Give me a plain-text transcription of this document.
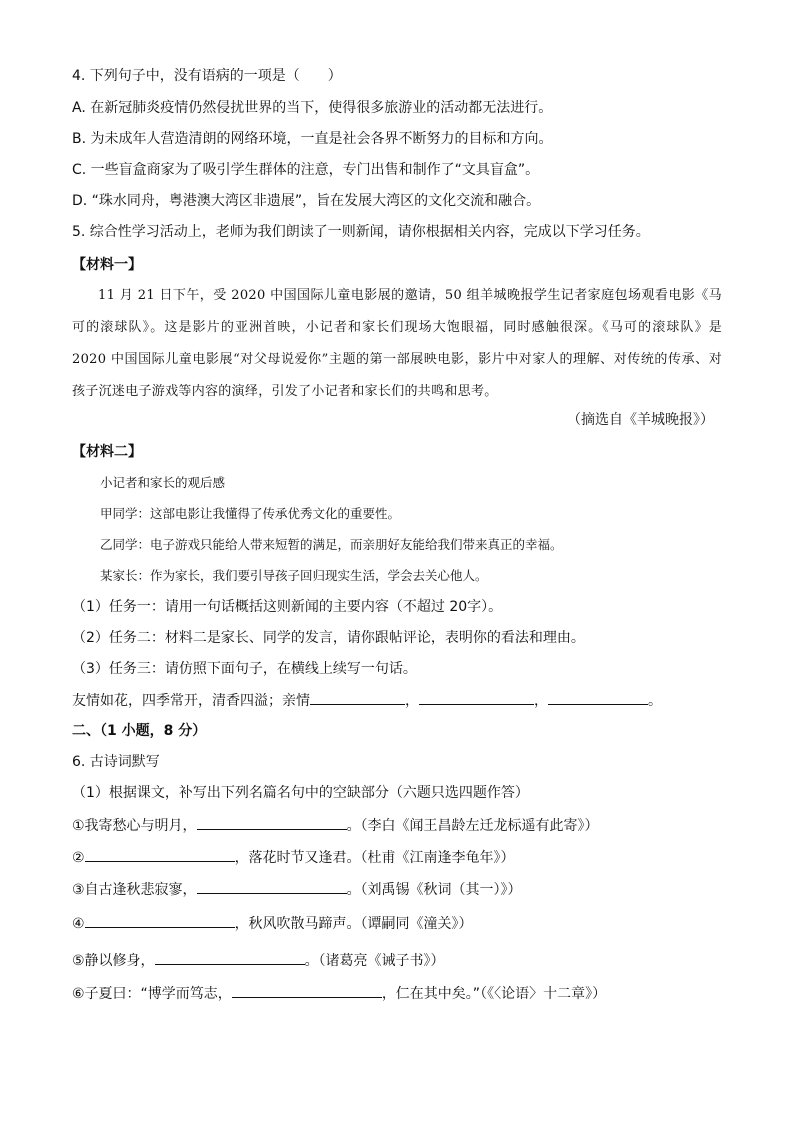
4. 下列句子中，没有语病的一项是（　　）
A. 在新冠肺炎疫情仍然侵扰世界的当下，使得很多旅游业的活动都无法进行。
B. 为未成年人营造清朗的网络环境，一直是社会各界不断努力的目标和方向。
C. 一些盲盒商家为了吸引学生群体的注意，专门出售和制作了“文具盲盒”。
D. “珠水同舟，粤港澳大湾区非遗展”，旨在发展大湾区的文化交流和融合。
5. 综合性学习活动上，老师为我们朗读了一则新闻，请你根据相关内容，完成以下学习任务。
【材料一】
11 月 21 日下午，受 2020 中国国际儿童电影展的邀请，50 组羊城晚报学生记者家庭包场观看电影《马可的滚球队》。这是影片的亚洲首映，小记者和家长们现场大饱眼福，同时感触很深。《马可的滚球队》是 2020 中国国际儿童电影展“对父母说爱你”主题的第一部展映电影，影片中对家人的理解、对传统的传承、对孩子沉迷电子游戏等内容的演绎，引发了小记者和家长们的共鸣和思考。
（摘选自《羊城晚报》）
【材料二】
小记者和家长的观后感
甲同学：这部电影让我懂得了传承优秀文化的重要性。
乙同学：电子游戏只能给人带来短暂的满足，而亲朋好友能给我们带来真正的幸福。
某家长：作为家长，我们要引导孩子回归现实生活，学会去关心他人。
（1）任务一：请用一句话概括这则新闻的主要内容（不超过 20字）。
（2）任务二：材料二是家长、同学的发言，请你跟帖评论，表明你的看法和理由。
（3）任务三：请仿照下面句子，在横线上续写一句话。
友情如花，四季常开，清香四溢；亲情	，	，	。
二、（1 小题，8 分）
6. 古诗词默写
（1）根据课文，补写出下列名篇名句中的空缺部分（六题只选四题作答）
①我寄愁心与明月，	。（李白《闻王昌龄左迁龙标遥有此寄》）
②	，落花时节又逢君。（杜甫《江南逢李龟年》）
③自古逢秋悲寂寥，	。（刘禹锡《秋词（其一）》）
④	，秋风吹散马蹄声。（谭嗣同《潼关》）
⑤静以修身，	。（诸葛亮《诫子书》）
⑥子夏曰：“博学而笃志，	，仁在其中矣。”（《〈论语〉十二章》）
